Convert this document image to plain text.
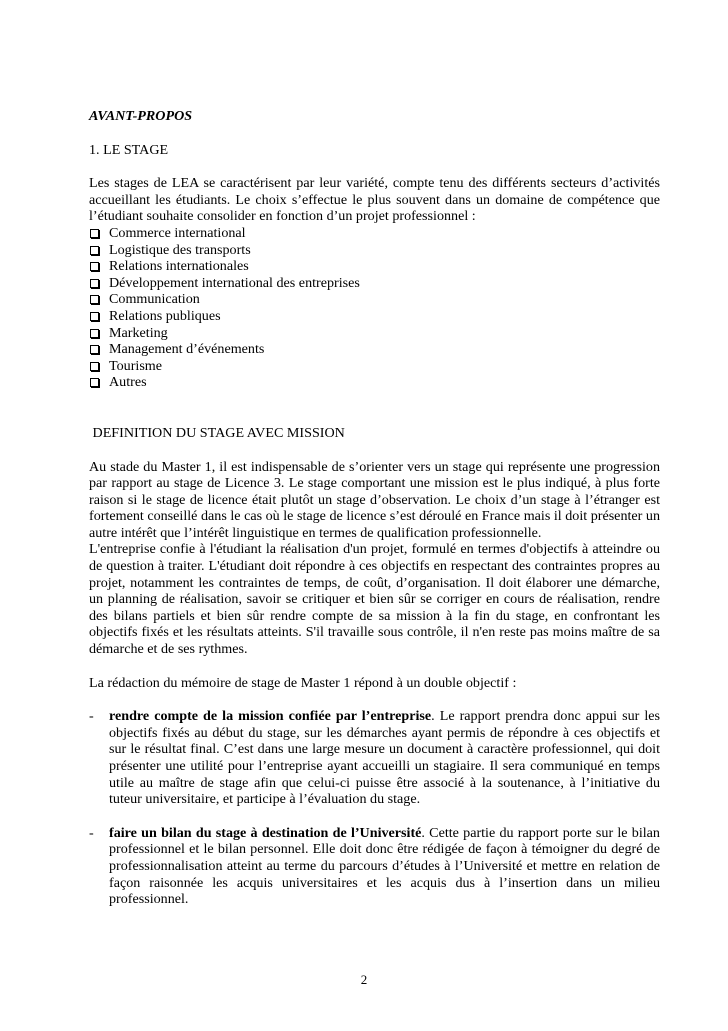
AVANT-PROPOS

1. LE STAGE

Les stages de LEA se caractérisent par leur variété, compte tenu des différents secteurs d’activités accueillant les étudiants. Le choix s’effectue le plus souvent dans un domaine de compétence que l’étudiant souhaite consolider en fonction d’un projet professionnel :

Commerce international
Logistique des transports
Relations internationales
Développement international des entreprises
Communication
Relations publiques
Marketing
Management d’événements
Tourisme
Autres

DEFINITION DU STAGE AVEC MISSION

Au stade du Master 1, il est indispensable de s’orienter vers un stage qui représente une progression par rapport au stage de Licence 3. Le stage comportant une mission est le plus indiqué, à plus forte raison si le stage de licence était plutôt un stage d’observation. Le choix d’un stage à l’étranger est fortement conseillé dans le cas où le stage de licence s’est déroulé en France mais il doit présenter un autre intérêt que l’intérêt linguistique en termes de qualification professionnelle.

L'entreprise confie à l'étudiant la réalisation d'un projet, formulé en termes d'objectifs à atteindre ou de question à traiter. L'étudiant doit répondre à ces objectifs en respectant des contraintes propres au projet, notamment les contraintes de temps, de coût, d’organisation. Il doit élaborer une démarche, un planning de réalisation, savoir se critiquer et bien sûr se corriger en cours de réalisation, rendre des bilans partiels et bien sûr rendre compte de sa mission à la fin du stage, en confrontant les objectifs fixés et les résultats atteints. S'il travaille sous contrôle, il n'en reste pas moins maître de sa démarche et de ses rythmes.

La rédaction du mémoire de stage de Master 1 répond à un double objectif :

- rendre compte de la mission confiée par l’entreprise. Le rapport prendra donc appui sur les objectifs fixés au début du stage, sur les démarches ayant permis de répondre à ces objectifs et sur le résultat final. C’est dans une large mesure un document à caractère professionnel, qui doit présenter une utilité pour l’entreprise ayant accueilli un stagiaire. Il sera communiqué en temps utile au maître de stage afin que celui-ci puisse être associé à la soutenance, à l’initiative du tuteur universitaire, et participe à l’évaluation du stage.

- faire un bilan du stage à destination de l’Université. Cette partie du rapport porte sur le bilan professionnel et le bilan personnel. Elle doit donc être rédigée de façon à témoigner du degré de professionnalisation atteint au terme du parcours d’études à l’Université et mettre en relation de façon raisonnée les acquis universitaires et les acquis dus à l’insertion dans un milieu professionnel.

2
